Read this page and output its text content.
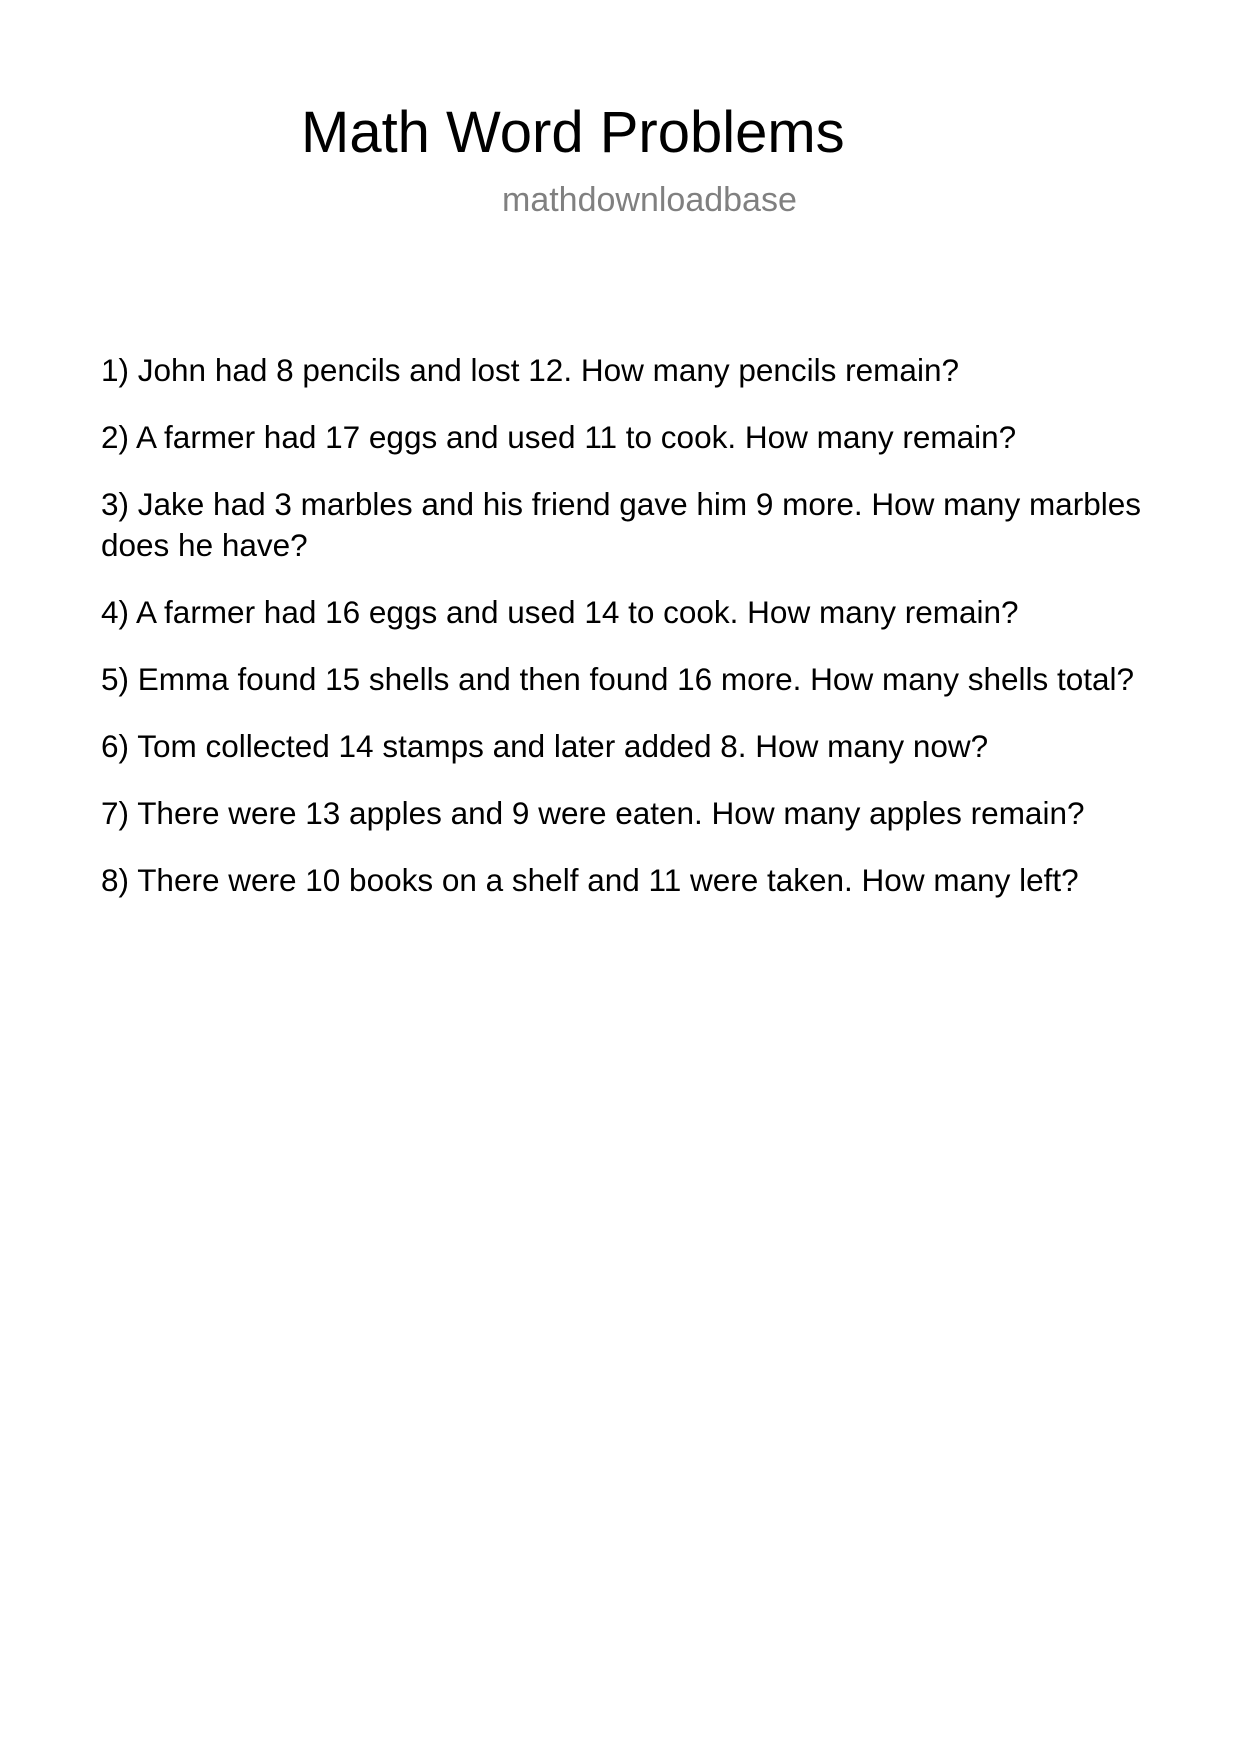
Math Word Problems
mathdownloadbase
1) John had 8 pencils and lost 12. How many pencils remain?
2) A farmer had 17 eggs and used 11 to cook. How many remain?
3) Jake had 3 marbles and his friend gave him 9 more. How many marbles does he have?
4) A farmer had 16 eggs and used 14 to cook. How many remain?
5) Emma found 15 shells and then found 16 more. How many shells total?
6) Tom collected 14 stamps and later added 8. How many now?
7) There were 13 apples and 9 were eaten. How many apples remain?
8) There were 10 books on a shelf and 11 were taken. How many left?
